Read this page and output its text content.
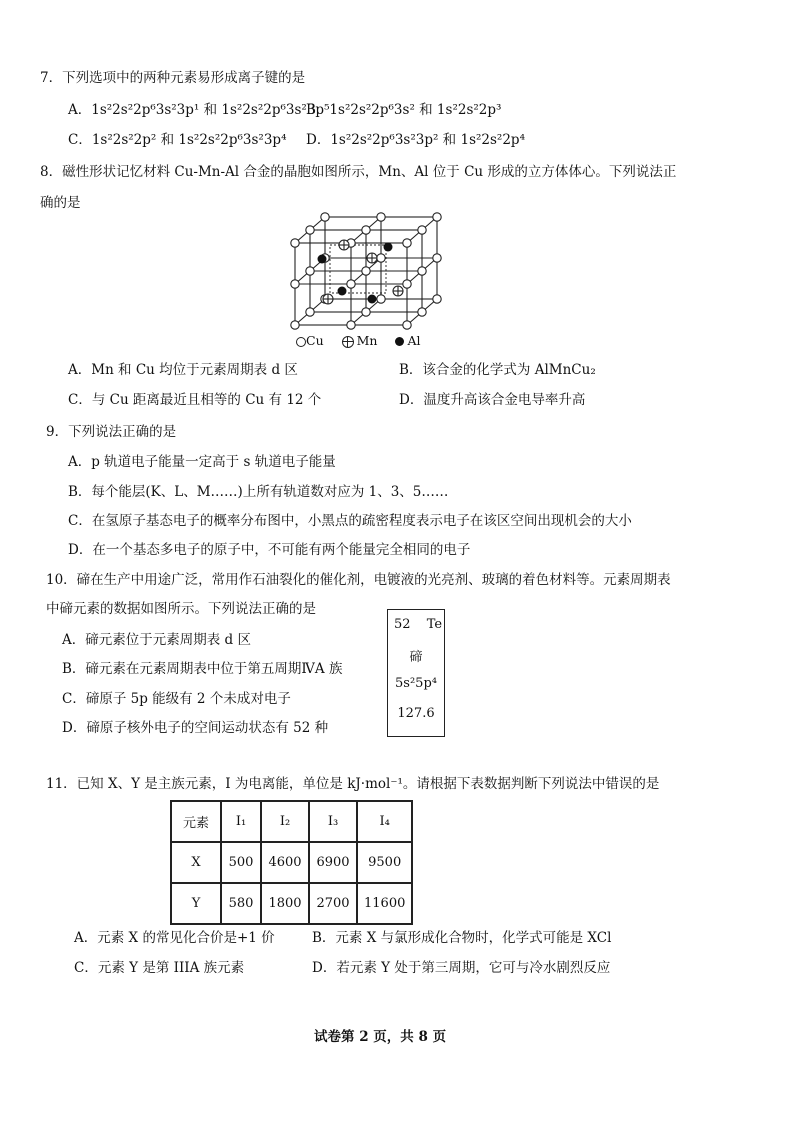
7．下列选项中的两种元素易形成离子键的是
A．1s²2s²2p⁶3s²3p¹ 和 1s²2s²2p⁶3s²3p⁵
B．1s²2s²2p⁶3s² 和 1s²2s²2p³
C．1s²2s²2p² 和 1s²2s²2p⁶3s²3p⁴ D．1s²2s²2p⁶3s²3p² 和 1s²2s²2p⁴
8．磁性形状记忆材料 Cu-Mn-Al 合金的晶胞如图所示，Mn、Al 位于 Cu 形成的立方体体心。下列说法正
确的是
Cu	Mn Al
A．Mn 和 Cu 均位于元素周期表 d 区	B．该合金的化学式为 AlMnCu₂
C．与 Cu 距离最近且相等的 Cu 有 12 个	D．温度升高该合金电导率升高
9．下列说法正确的是
A．p 轨道电子能量一定高于 s 轨道电子能量
B．每个能层(K、L、M……)上所有轨道数对应为 1、3、5……
C．在氢原子基态电子的概率分布图中，小黑点的疏密程度表示电子在该区空间出现机会的大小
D．在一个基态多电子的原子中，不可能有两个能量完全相同的电子
10．碲在生产中用途广泛，常用作石油裂化的催化剂，电镀液的光亮剂、玻璃的着色材料等。元素周期表
中碲元素的数据如图所示。下列说法正确的是
A．碲元素位于元素周期表 d 区
B．碲元素在元素周期表中位于第五周期ⅣA 族
C．碲原子 5p 能级有 2 个未成对电子
D．碲原子核外电子的空间运动状态有 52 种
52 Te
碲
5s²5p⁴
127.6
11．已知 X、Y 是主族元素，I 为电离能，单位是 kJ·mol⁻¹。请根据下表数据判断下列说法中错误的是
元素	I₁	I₂	I₃	I₄
X	500	4600	6900	9500
Y	580	1800	2700	11600
A．元素 X 的常见化合价是+1 价	B．元素 X 与氯形成化合物时，化学式可能是 XCl
C．元素 Y 是第 IIIA 族元素	D．若元素 Y 处于第三周期，它可与冷水剧烈反应
试卷第 2 页，共 8 页
